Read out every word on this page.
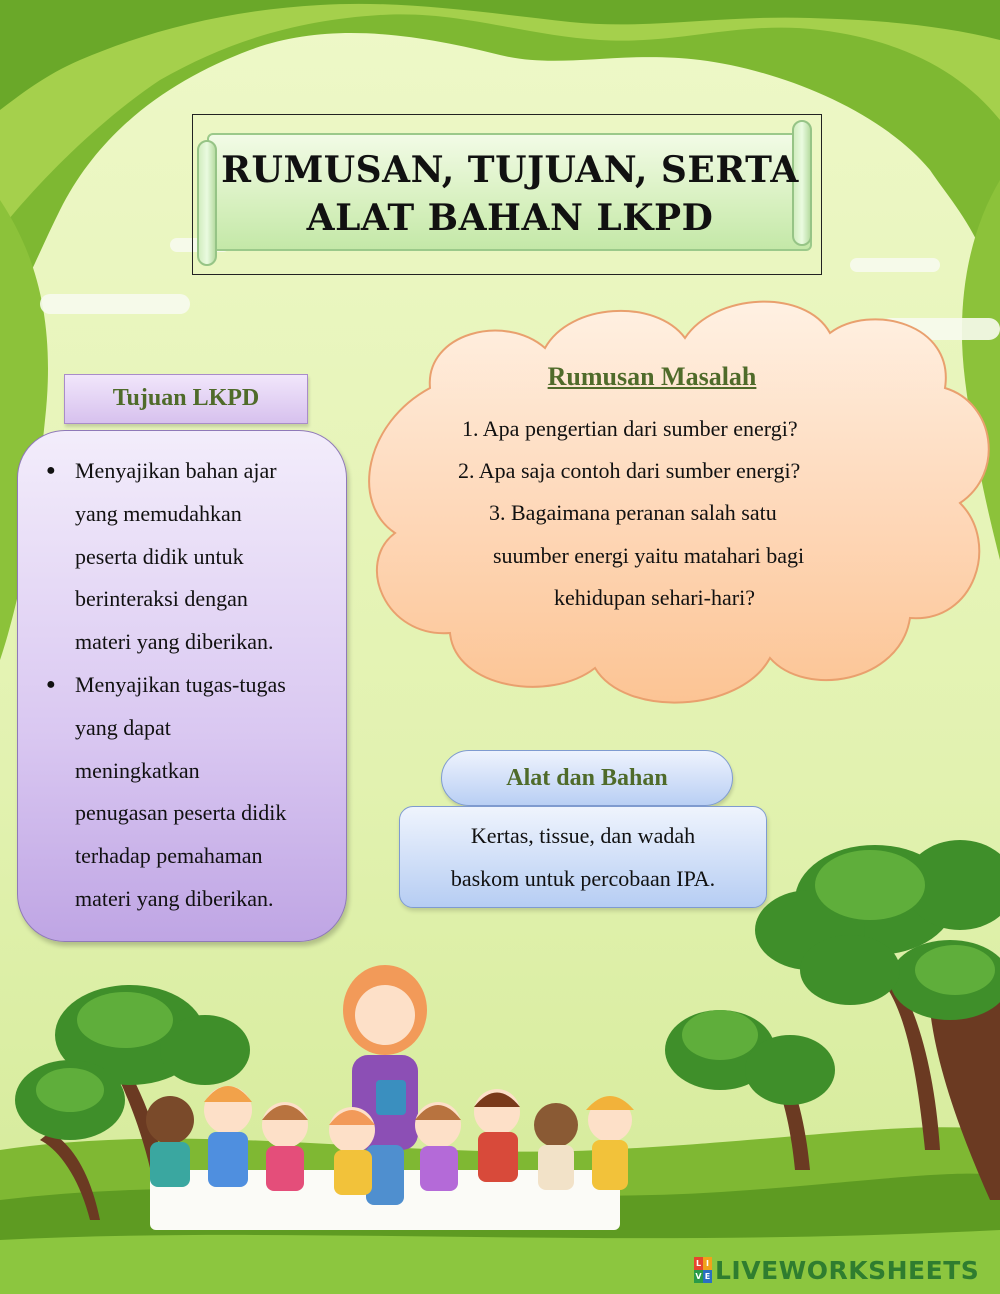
RUMUSAN, TUJUAN, SERTA
ALAT BAHAN LKPD
Tujuan LKPD
● Menyajikan bahan ajar
yang memudahkan
peserta didik untuk
berinteraksi dengan
materi yang diberikan.
● Menyajikan tugas-tugas
yang dapat
meningkatkan
penugasan peserta didik
terhadap pemahaman
materi yang diberikan.
Rumusan Masalah
1. Apa pengertian dari sumber energi?
2. Apa saja contoh dari sumber energi?
3. Bagaimana peranan salah satu
suumber energi yaitu matahari bagi
kehidupan sehari-hari?
Alat dan Bahan
Kertas, tissue, dan wadah
baskom untuk percobaan IPA.
L I
V E LIVEWORKSHEETS
